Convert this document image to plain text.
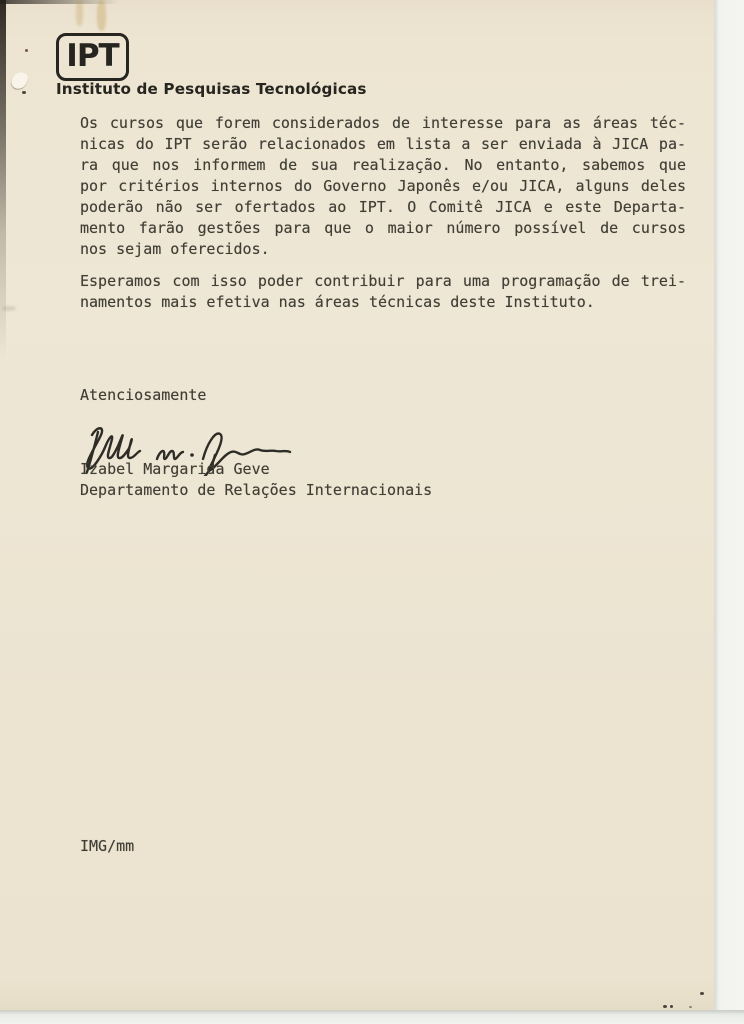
IPT
Instituto de Pesquisas Tecnológicas
Os cursos que forem considerados de interesse para as áreas téc-
nicas do IPT serão relacionados em lista a ser enviada à JICA pa-
ra que nos informem de sua realização. No entanto, sabemos que
por critérios internos do Governo Japonês e/ou JICA, alguns deles
poderão não ser ofertados ao IPT. O Comitê JICA e este Departa-
mento farão gestões para que o maior número possível de cursos
nos sejam oferecidos.
Esperamos com isso poder contribuir para uma programação de trei-
namentos mais efetiva nas áreas técnicas deste Instituto.
Atenciosamente
Izabel Margarida Geve
Departamento de Relações Internacionais
IMG/mm
